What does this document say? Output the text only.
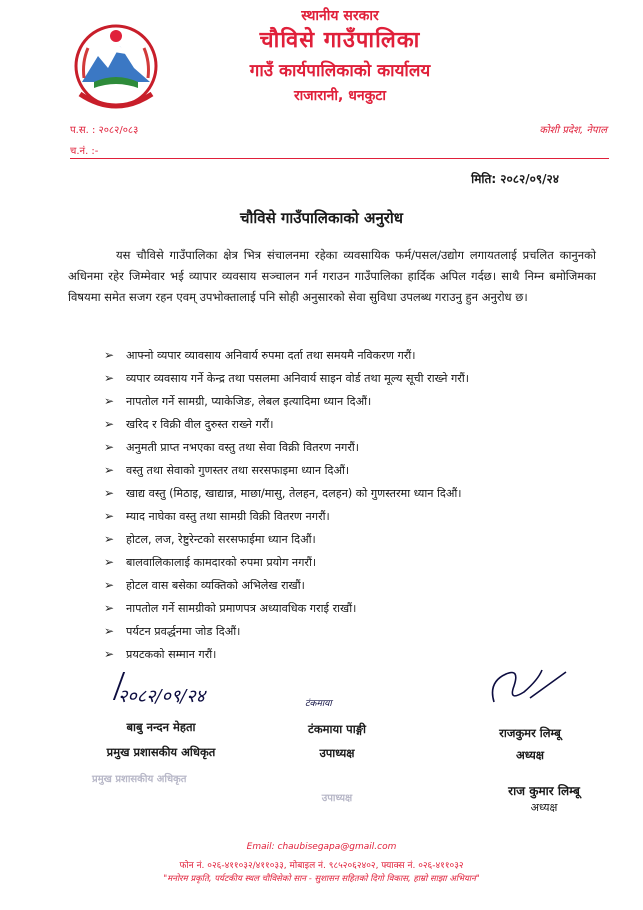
स्थानीय सरकार
चौविसे गाउँपालिका
गाउँ कार्यपालिकाको कार्यालय
राजारानी, धनकुटा
प.स. : २०८२/०८३
च.नं. :-
कोशी प्रदेश, नेपाल
मिति: २०८२/०९/२४
चौविसे गाउँपालिकाको अनुरोध
यस चौविसे गाउँपालिका क्षेत्र भित्र संचालनमा रहेका व्यवसायिक फर्म/पसल/उद्योग लगायतलाई प्रचलित कानुनको अधिनमा रहेर जिम्मेवार भई व्यापार व्यवसाय सञ्चालन गर्न गराउन गाउँपालिका हार्दिक अपिल गर्दछ। साथै निम्न बमोजिमका विषयमा समेत सजग रहन एवम् उपभोक्तालाई पनि सोही अनुसारको सेवा सुविधा उपलब्ध गराउनु हुन अनुरोध छ।
➢ आफ्नो व्यपार व्यावसाय अनिवार्य रुपमा दर्ता तथा समयमै नविकरण गरौं।
➢ व्यपार व्यवसाय गर्ने केन्द्र तथा पसलमा अनिवार्य साइन वोर्ड तथा मूल्य सूची राख्ने गरौं।
➢ नापतोल गर्ने सामग्री, प्याकेजिङ, लेबल इत्यादिमा ध्यान दिऔं।
➢ खरिद र विक्री वील दुरुस्त राख्ने गरौं।
➢ अनुमती प्राप्त नभएका वस्तु तथा सेवा विक्री वितरण नगरौं।
➢ वस्तु तथा सेवाको गुणस्तर तथा सरसफाइमा ध्यान दिऔं।
➢ खाद्य वस्तु (मिठाइ, खाद्यान्न, माछा/मासु, तेलहन, दलहन) को गुणस्तरमा ध्यान दिऔं।
➢ म्याद नाघेका वस्तु तथा सामग्री विक्री वितरण नगरौं।
➢ होटल, लज, रेष्टुरेन्टको सरसफाईमा ध्यान दिऔं।
➢ बालवालिकालाई कामदारको रुपमा प्रयोग नगरौं।
➢ होटल वास बसेका व्यक्तिको अभिलेख राखौं।
➢ नापतोल गर्ने सामग्रीको प्रमाणपत्र अध्यावधिक गराई राखौं।
➢ पर्यटन प्रवर्द्धनमा जोड दिऔं।
➢ प्रयटकको सम्मान गरौं।
२०८२/०९/२४
बाबु नन्दन मेहता
प्रमुख प्रशासकीय अधिकृत
प्रमुख प्रशासकीय अधिकृत
टंकमाया
टंकमाया पाङ्गी
उपाध्यक्ष
उपाध्यक्ष
राजकुमर लिम्बू
अध्यक्ष
राज कुमार लिम्बू
अध्यक्ष
Email: chaubisegapa@gmail.com
फोन नं. ०२६-४११०३२/४११०३३, मोबाइल नं. ९८५२०६२४०२, फ्याक्स नं. ०२६-४११०३२
"मनोरम प्रकृति, पर्यटकीय स्थल चौविसेको सान - सुशासन सहितको दिगो विकास, हाम्रो साझा अभियान"
